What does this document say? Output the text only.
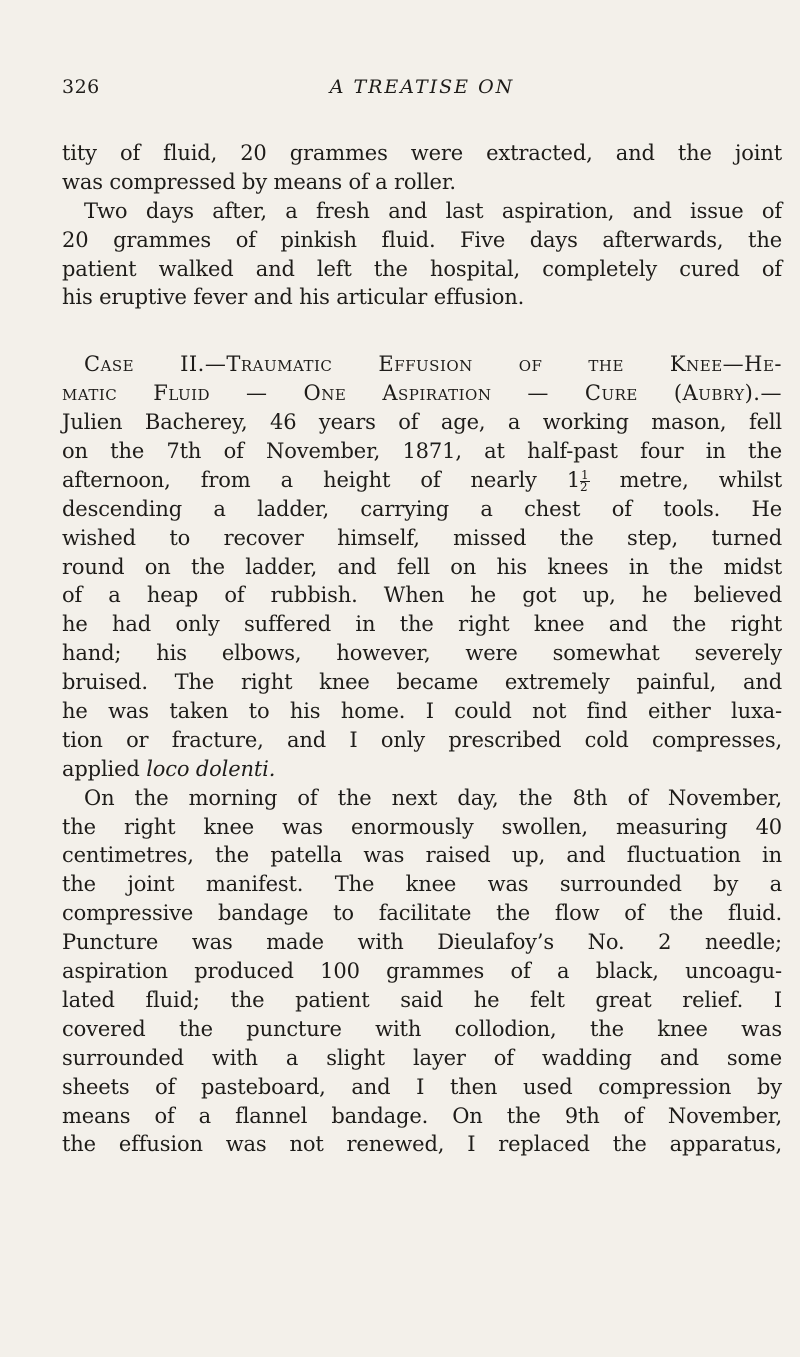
326	A TREATISE ON
tity of fluid, 20 grammes were extracted, and the joint
was compressed by means of a roller.
Two days after, a fresh and last aspiration, and issue of
20 grammes of pinkish fluid. Five days afterwards, the
patient walked and left the hospital, completely cured of
his eruptive fever and his articular effusion.
Case II.—Traumatic Effusion of the Knee—He-
matic Fluid — One Aspiration — Cure (Aubry).—
Julien Bacherey, 46 years of age, a working mason, fell
on the 7th of November, 1871, at half-past four in the
afternoon, from a height of nearly $1 \frac{1}{2}$ metre, whilst
descending a ladder, carrying a chest of tools. He
wished to recover himself, missed the step, turned
round on the ladder, and fell on his knees in the midst
of a heap of rubbish. When he got up, he believed
he had only suffered in the right knee and the right
hand; his elbows, however, were somewhat severely
bruised. The right knee became extremely painful, and
he was taken to his home. I could not find either luxa-
tion or fracture, and I only prescribed cold compresses,
applied loco dolenti.
On the morning of the next day, the 8th of November,
the right knee was enormously swollen, measuring 40
centimetres, the patella was raised up, and fluctuation in
the joint manifest. The knee was surrounded by a
compressive bandage to facilitate the flow of the fluid.
Puncture was made with Dieulafoy’s No. 2 needle;
aspiration produced 100 grammes of a black, uncoagu-
lated fluid; the patient said he felt great relief. I
covered the puncture with collodion, the knee was
surrounded with a slight layer of wadding and some
sheets of pasteboard, and I then used compression by
means of a flannel bandage. On the 9th of November,
the effusion was not renewed, I replaced the apparatus,
